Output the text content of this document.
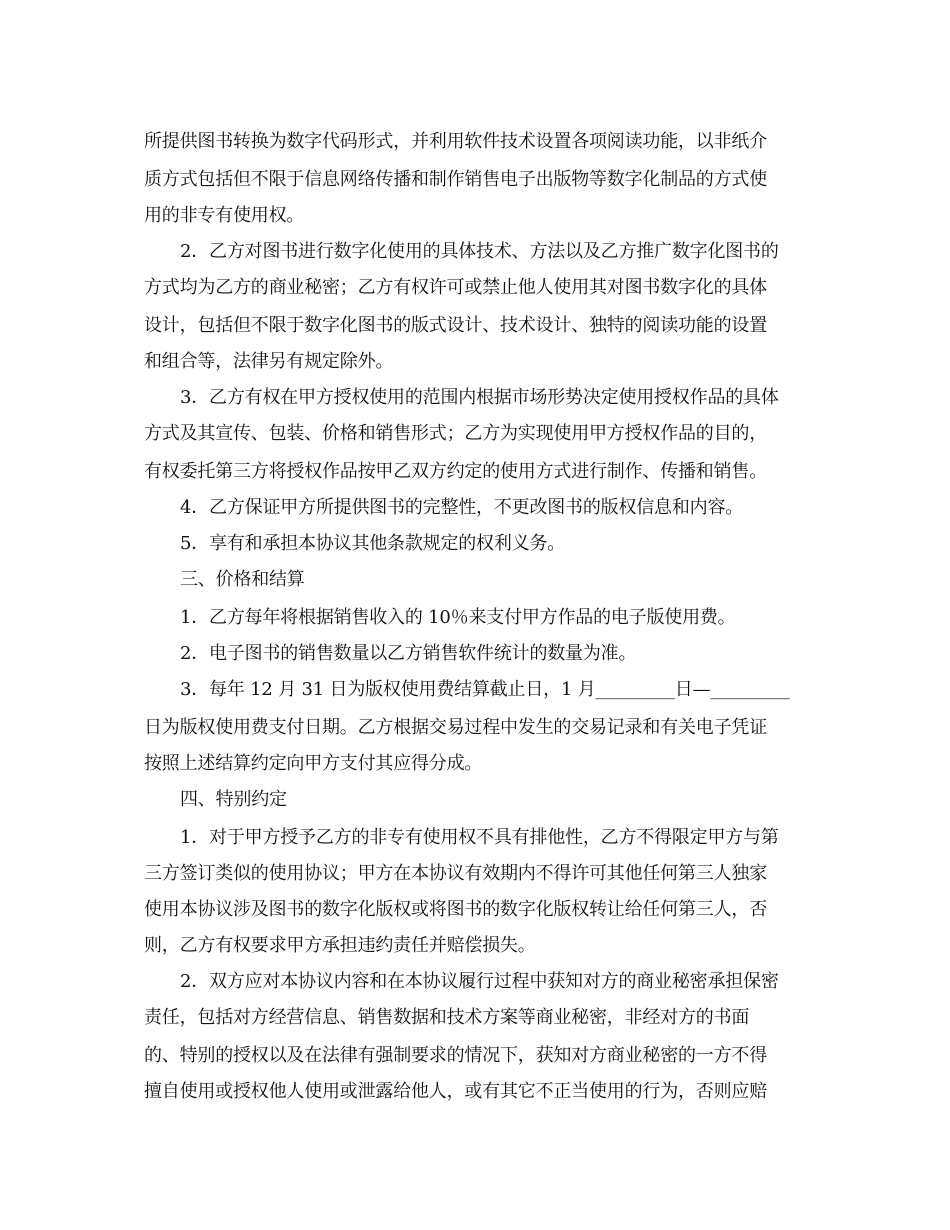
所提供图书转换为数字代码形式，并利用软件技术设置各项阅读功能，以非纸介

质方式包括但不限于信息网络传播和制作销售电子出版物等数字化制品的方式使

用的非专有使用权。

2．乙方对图书进行数字化使用的具体技术、方法以及乙方推广数字化图书的

方式均为乙方的商业秘密；乙方有权许可或禁止他人使用其对图书数字化的具体

设计，包括但不限于数字化图书的版式设计、技术设计、独特的阅读功能的设置

和组合等，法律另有规定除外。

3．乙方有权在甲方授权使用的范围内根据市场形势决定使用授权作品的具体

方式及其宣传、包装、价格和销售形式；乙方为实现使用甲方授权作品的目的，

有权委托第三方将授权作品按甲乙双方约定的使用方式进行制作、传播和销售。

4．乙方保证甲方所提供图书的完整性，不更改图书的版权信息和内容。

5．享有和承担本协议其他条款规定的权利义务。

三、价格和结算

1．乙方每年将根据销售收入的 10％来支付甲方作品的电子版使用费。

2．电子图书的销售数量以乙方销售软件统计的数量为准。

3．每年 12 月 31 日为版权使用费结算截止日，1 月_________日—_________

日为版权使用费支付日期。乙方根据交易过程中发生的交易记录和有关电子凭证

按照上述结算约定向甲方支付其应得分成。

四、特别约定

1．对于甲方授予乙方的非专有使用权不具有排他性，乙方不得限定甲方与第

三方签订类似的使用协议；甲方在本协议有效期内不得许可其他任何第三人独家

使用本协议涉及图书的数字化版权或将图书的数字化版权转让给任何第三人，否

则，乙方有权要求甲方承担违约责任并赔偿损失。

2．双方应对本协议内容和在本协议履行过程中获知对方的商业秘密承担保密

责任，包括对方经营信息、销售数据和技术方案等商业秘密，非经对方的书面

的、特别的授权以及在法律有强制要求的情况下，获知对方商业秘密的一方不得

擅自使用或授权他人使用或泄露给他人，或有其它不正当使用的行为，否则应赔
